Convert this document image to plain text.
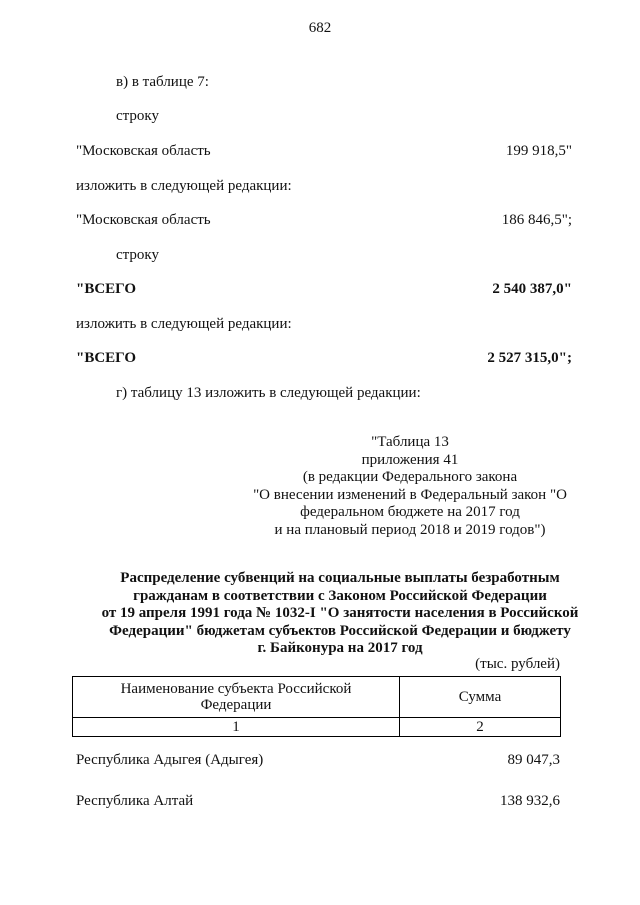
682
в) в таблице 7:
строку
"Московская область	199 918,5"
изложить в следующей редакции:
"Московская область	186 846,5";
строку
"ВСЕГО	2 540 387,0"
изложить в следующей редакции:
"ВСЕГО	2 527 315,0";
г) таблицу 13 изложить в следующей редакции:
"Таблица 13
приложения 41
(в редакции Федерального закона
"О внесении изменений в Федеральный закон "О
федеральном бюджете на 2017 год
и на плановый период 2018 и 2019 годов")
Распределение субвенций на социальные выплаты безработным
гражданам в соответствии с Законом Российской Федерации
от 19 апреля 1991 года № 1032-I "О занятости населения в Российской
Федерации" бюджетам субъектов Российской Федерации и бюджету
г. Байконура на 2017 год
(тыс. рублей)
Наименование субъекта Российской
Федерации	Сумма
1	2
Республика Адыгея (Адыгея)	89 047,3
Республика Алтай	138 932,6
